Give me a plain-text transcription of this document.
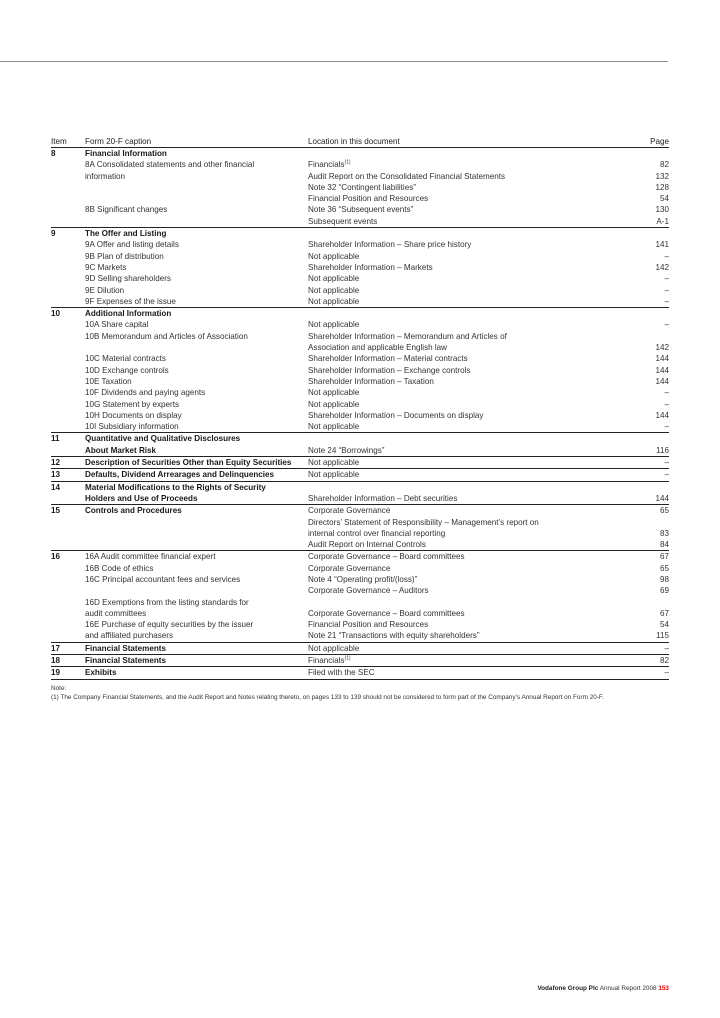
Item	Form 20-F caption	Location in this document	Page
8	Financial Information		
	8A Consolidated statements and other financial	Financials$^{(1)}$	82
	information	Audit Report on the Consolidated Financial Statements	132
		Note 32 “Contingent liabilities”	128
		Financial Position and Resources	54
	8B Significant changes	Note 36 “Subsequent events”	130
		Subsequent events	A-1
9	The Offer and Listing		
	9A Offer and listing details	Shareholder Information – Share price history	141
	9B Plan of distribution	Not applicable	–
	9C Markets	Shareholder Information – Markets	142
	9D Selling shareholders	Not applicable	–
	9E Dilution	Not applicable	–
	9F Expenses of the issue	Not applicable	–
10	Additional Information		
	10A Share capital	Not applicable	–
	10B Memorandum and Articles of Association	Shareholder Information – Memorandum and Articles of	
		Association and applicable English law	142
	10C Material contracts	Shareholder Information – Material contracts	144
	10D Exchange controls	Shareholder Information – Exchange controls	144
	10E Taxation	Shareholder Information – Taxation	144
	10F Dividends and paying agents	Not applicable	–
	10G Statement by experts	Not applicable	–
	10H Documents on display	Shareholder Information – Documents on display	144
	10I Subsidiary information	Not applicable	–
11	Quantitative and Qualitative Disclosures		
	About Market Risk	Note 24 “Borrowings”	116
12	Description of Securities Other than Equity Securities	Not applicable	–
13	Defaults, Dividend Arrearages and Delinquencies	Not applicable	–
14	Material Modifications to the Rights of Security		
	Holders and Use of Proceeds	Shareholder Information – Debt securities	144
15	Controls and Procedures	Corporate Governance	65
		Directors’ Statement of Responsibility – Management’s report on	
		internal control over financial reporting	83
		Audit Report on Internal Controls	84
16	16A Audit committee financial expert	Corporate Governance – Board committees	67
	16B Code of ethics	Corporate Governance	65
	16C Principal accountant fees and services	Note 4 “Operating profit/(loss)”	98
		Corporate Governance – Auditors	69
	16D Exemptions from the listing standards for		
	audit committees	Corporate Governance – Board committees	67
	16E Purchase of equity securities by the issuer	Financial Position and Resources	54
	and affiliated purchasers	Note 21 “Transactions with equity shareholders”	115
17	Financial Statements	Not applicable	–
18	Financial Statements	Financials$^{(1)}$	82
19	Exhibits	Filed with the SEC	–
Note:
(1) The Company Financial Statements, and the Audit Report and Notes relating thereto, on pages 133 to 139 should not be considered to form part of the Company’s Annual Report on Form 20-F.
Vodafone Group Plc Annual Report 2008 153
